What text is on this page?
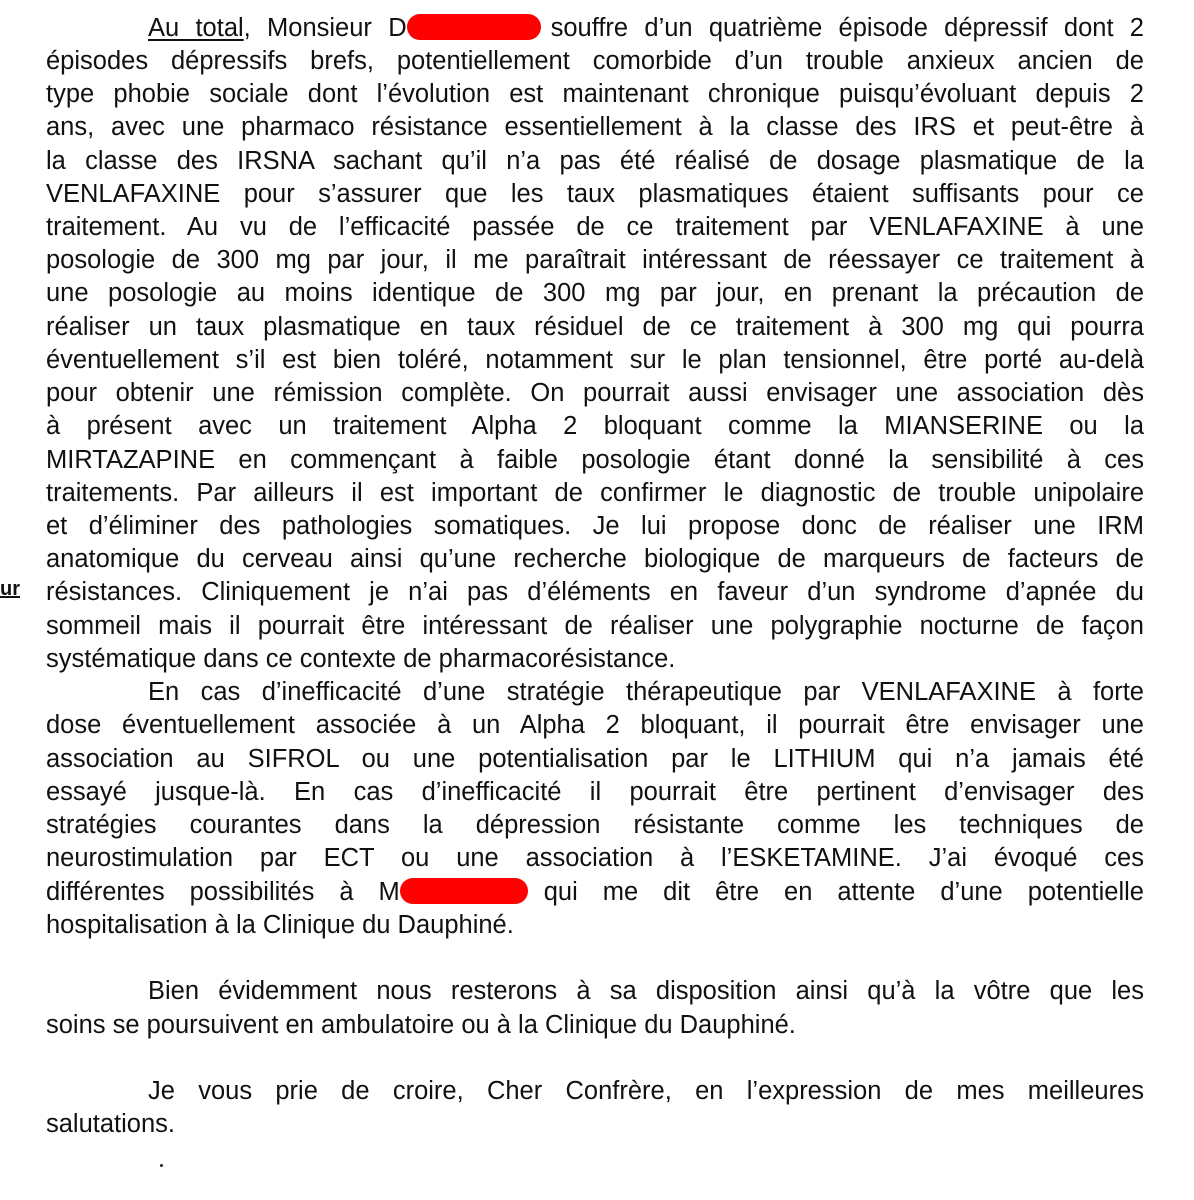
ur
Au total, Monsieur D	souffre d’un quatrième épisode dépressif dont 2
épisodes dépressifs brefs, potentiellement comorbide d’un trouble anxieux ancien de
type phobie sociale dont l’évolution est maintenant chronique puisqu’évoluant depuis 2
ans, avec une pharmaco résistance essentiellement à la classe des IRS et peut-être à
la classe des IRSNA sachant qu’il n’a pas été réalisé de dosage plasmatique de la
VENLAFAXINE pour s’assurer que les taux plasmatiques étaient suffisants pour ce
traitement. Au vu de l’efficacité passée de ce traitement par VENLAFAXINE à une
posologie de 300 mg par jour, il me paraîtrait intéressant de réessayer ce traitement à
une posologie au moins identique de 300 mg par jour, en prenant la précaution de
réaliser un taux plasmatique en taux résiduel de ce traitement à 300 mg qui pourra
éventuellement s’il est bien toléré, notamment sur le plan tensionnel, être porté au-delà
pour obtenir une rémission complète. On pourrait aussi envisager une association dès
à présent avec un traitement Alpha 2 bloquant comme la MIANSERINE ou la
MIRTAZAPINE en commençant à faible posologie étant donné la sensibilité à ces
traitements. Par ailleurs il est important de confirmer le diagnostic de trouble unipolaire
et d’éliminer des pathologies somatiques. Je lui propose donc de réaliser une IRM
anatomique du cerveau ainsi qu’une recherche biologique de marqueurs de facteurs de
résistances. Cliniquement je n’ai pas d’éléments en faveur d’un syndrome d’apnée du
sommeil mais il pourrait être intéressant de réaliser une polygraphie nocturne de façon
systématique dans ce contexte de pharmacorésistance.
En cas d’inefficacité d’une stratégie thérapeutique par VENLAFAXINE à forte
dose éventuellement associée à un Alpha 2 bloquant, il pourrait être envisager une
association au SIFROL ou une potentialisation par le LITHIUM qui n’a jamais été
essayé jusque-là. En cas d’inefficacité il pourrait être pertinent d’envisager des
stratégies courantes dans la dépression résistante comme les techniques de
neurostimulation par ECT ou une association à l’ESKETAMINE. J’ai évoqué ces
différentes possibilités à M	qui me dit être en attente d’une potentielle
hospitalisation à la Clinique du Dauphiné.
Bien évidemment nous resterons à sa disposition ainsi qu’à la vôtre que les
soins se poursuivent en ambulatoire ou à la Clinique du Dauphiné.
Je vous prie de croire, Cher Confrère, en l’expression de mes meilleures
salutations.
